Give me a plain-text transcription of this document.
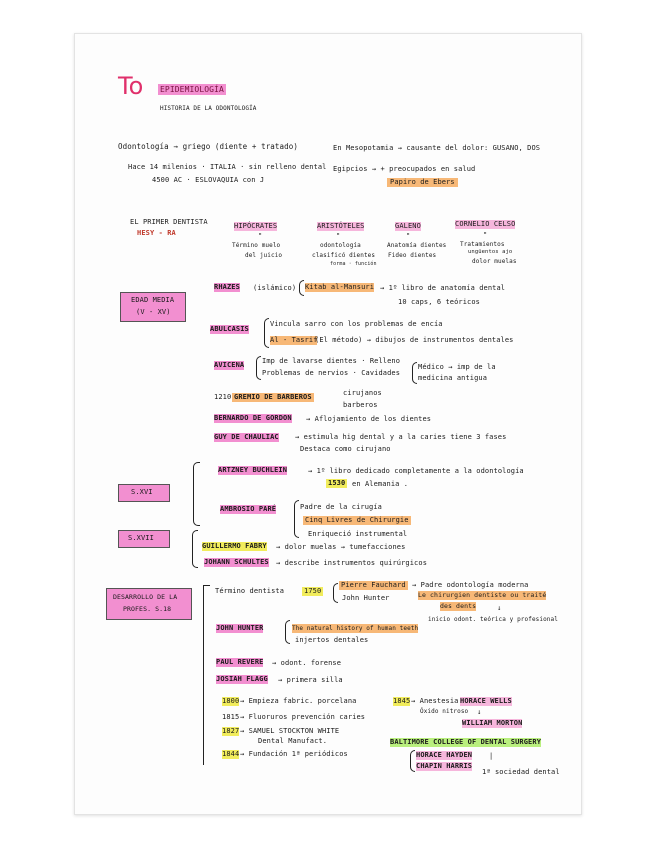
To EPIDEMIOLOGÍA
HISTORIA DE LA ODONTOLOGÍA
Odontología → griego (diente + tratado)
Hace 14 milenios · ITALIA · sin relleno dental
4500 AC · ESLOVAQUIA con J
En Mesopotamia → causante del dolor: GUSANO, DOS
Egipcios → + preocupados en salud
Papiro de Ebers
EL PRIMER DENTISTA
HESY - RA
HIPÓCRATES
"
Término muelo
del juicio
ARISTÓTELES
"
odontología
clasificó dientes
forma · función
GALENO
"
Anatomía dientes
Fideo dientes
CORNELIO CELSO
"
Tratamientos
ungüentos ajo
dolor muelas
EDAD MEDIA
(V - XV)
RHAZES (islámico) Kitab al-Mansuri → 1º libro de anatomía dental
10 caps, 6 teóricos
ABULCASIS
Vincula sarro con los problemas de encía
Al - Tasrif
(El método) → dibujos de instrumentos dentales
AVICENA	Imp de lavarse dientes · Relleno
Problemas de nervios · Cavidades
Médico → imp de la
medicina antigua
1210 GREMIO DE BARBEROS	cirujanos
barberos
BERNARDO DE GORDON → Aflojamiento de los dientes
GUY DE CHAULIAC → estimula hig dental y a la caries tiene 3 fases
Destaca como cirujano
S.XVI
ARTZNEY BUCHLEIN	→ 1º libro dedicado completamente a la odontología
1530 en Alemania .
AMBROSIO PARÉ	Padre de la cirugía
Cinq Livres de Chirurgie
Enriqueció instrumental
S.XVII
GUILLERMO FABRY → dolor muelas → tumefacciones
JOHANN SCHULTES → describe instrumentos quirúrgicos
DESARROLLO DE LA
PROFES. S.18
Término dentista	1750
Pierre Fauchard → Padre odontología moderna
John Hunter	Le chirurgien dentiste ou traité
des dents	↓
inicio odont. teórica y profesional
JOHN HUNTER	The natural history of human teeth
injertos dentales
PAUL REVERE → odont. forense
JOSIAH FLAGG → primera silla
1800 → Empieza fabric. porcelana
1815 → Fluoruros prevención caries
1827 → SAMUEL STOCKTON WHITE
Dental Manufact.
1844 → Fundación 1ª periódicos
1845 → Anestesia HORACE WELLS
Óxido nitroso ↓
WILLIAM MORTON
BALTIMORE COLLEGE OF DENTAL SURGERY
HORACE HAYDEN
CHAPIN HARRIS
|
1ª sociedad dental
